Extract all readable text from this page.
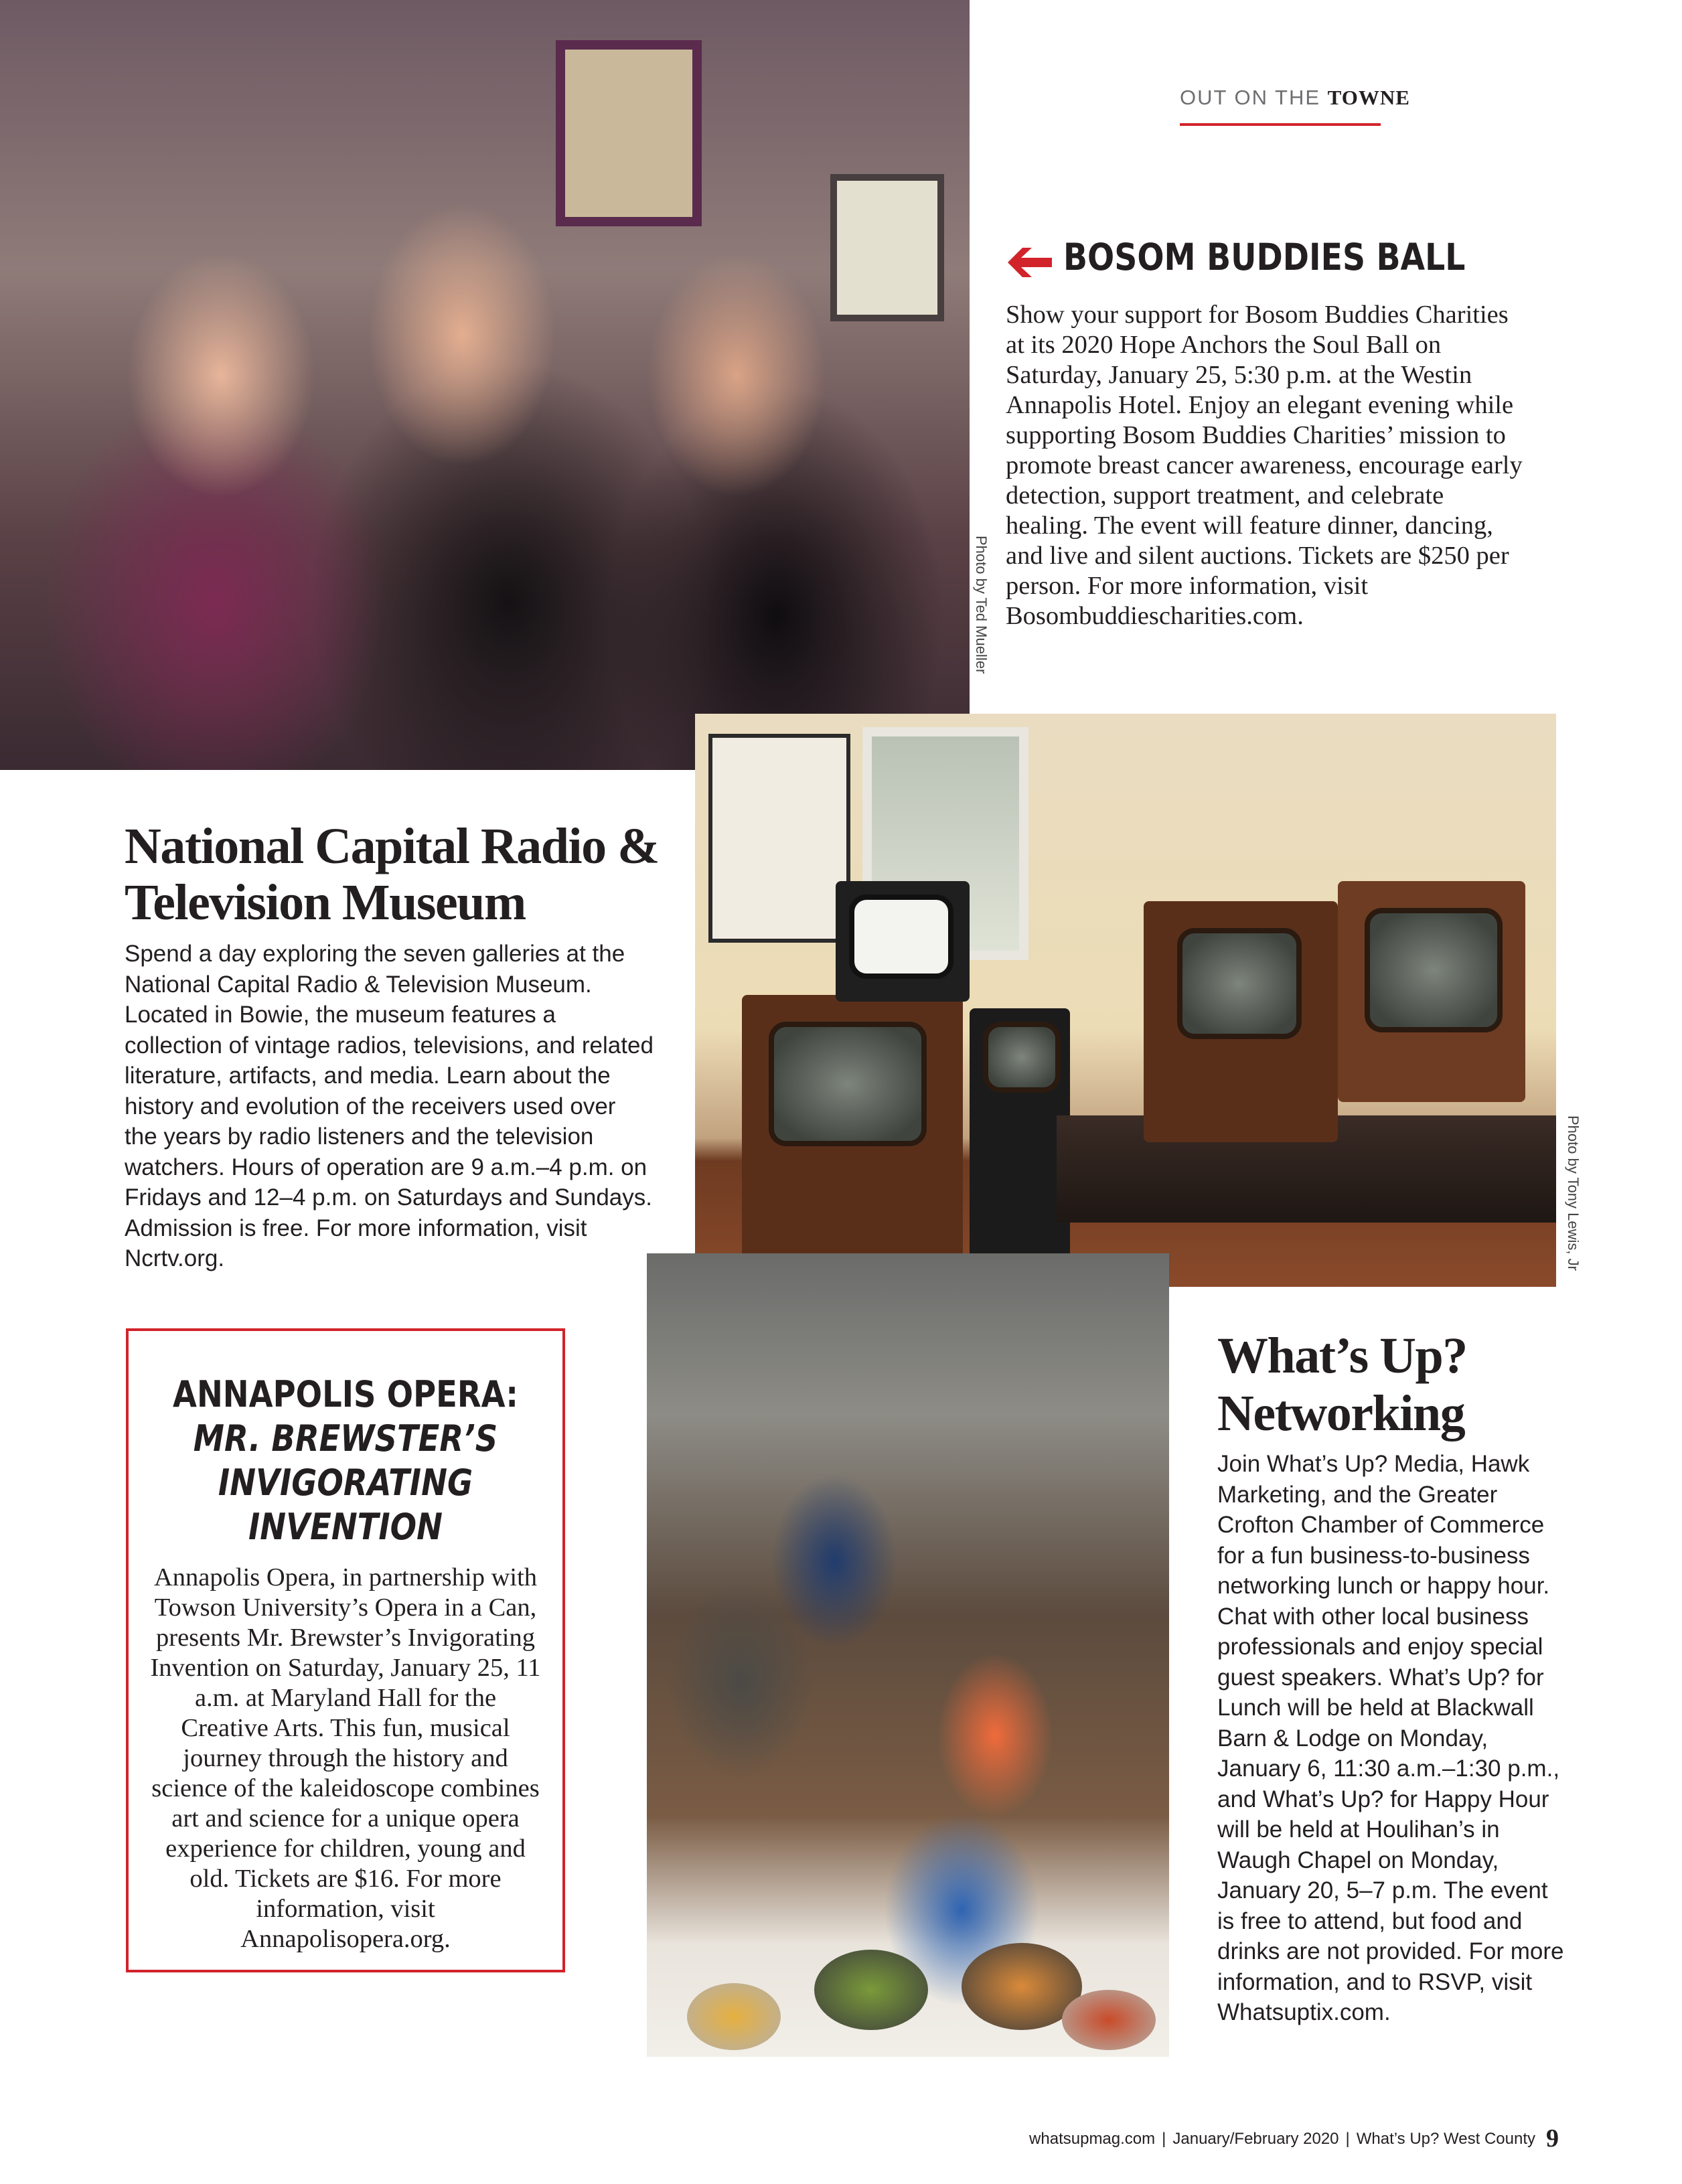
Photo by Ted Mueller
OUT ON THE TOWNE
BOSOM BUDDIES BALL

Show your support for Bosom Buddies Charities at its 2020 Hope Anchors the Soul Ball on Saturday, January 25, 5:30 p.m. at the Westin Annapolis Hotel. Enjoy an elegant evening while supporting Bosom Buddies Charities’ mission to promote breast cancer awareness, encourage early detection, support treatment, and celebrate healing. The event will feature dinner, dancing, and live and silent auctions. Tickets are $250 per person. For more information, visit Bosombuddiescharities.com.

Photo by Tony Lewis, Jr
National Capital Radio & Television Museum

Spend a day exploring the seven galleries at the National Capital Radio & Television Museum. Located in Bowie, the museum features a collection of vintage radios, televisions, and related literature, artifacts, and media. Learn about the history and evolution of the receivers used over the years by radio listeners and the television watchers. Hours of operation are 9 a.m.–4 p.m. on Fridays and 12–4 p.m. on Saturdays and Sundays. Admission is free. For more information, visit Ncrtv.org.

ANNAPOLIS OPERA:
MR. BREWSTER’S
INVIGORATING
INVENTION

Annapolis Opera, in partnership with Towson University’s Opera in a Can, presents Mr. Brewster’s Invigorating Invention on Saturday, January 25, 11 a.m. at Maryland Hall for the Creative Arts. This fun, musical journey through the history and science of the kaleidoscope combines art and science for a unique opera experience for children, young and old. Tickets are $16. For more information, visit Annapolisopera.org.

What’s Up? Networking

Join What’s Up? Media, Hawk Marketing, and the Greater Crofton Chamber of Commerce for a fun business-to-business networking lunch or happy hour. Chat with other local business professionals and enjoy special guest speakers. What’s Up? for Lunch will be held at Blackwall Barn & Lodge on Monday, January 6, 11:30 a.m.–1:30 p.m., and What’s Up? for Happy Hour will be held at Houlihan’s in Waugh Chapel on Monday, January 20, 5–7 p.m. The event is free to attend, but food and drinks are not provided. For more information, and to RSVP, visit Whatsuptix.com.

whatsupmag.com | January/February 2020 | What’s Up? West County 9
